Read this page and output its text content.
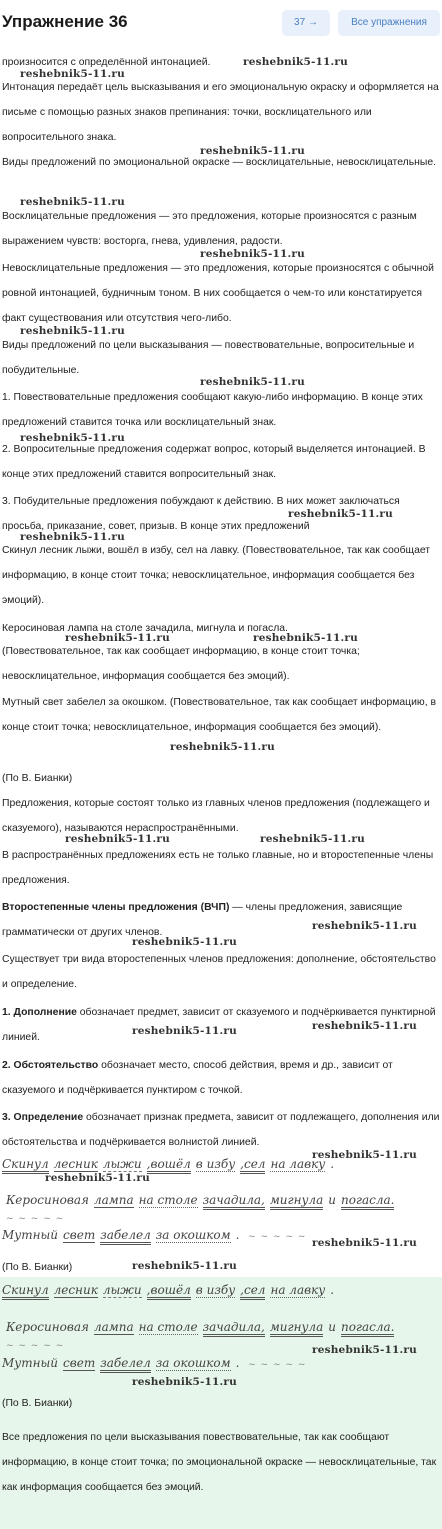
Упражнение 36	37 →	Все упражнения
произносится с определённой интонацией.
Интонация передаёт цель высказывания и его эмоциональную окраску и оформляется на письме с помощью разных знаков препинания: точки, восклицательного или вопросительного знака.
Виды предложений по эмоциональной окраске — восклицательные, невосклицательные.
Восклицательные предложения — это предложения, которые произносятся с разным выражением чувств: восторга, гнева, удивления, радости.
Невосклицательные предложения — это предложения, которые произносятся с обычной ровной интонацией, будничным тоном. В них сообщается о чем-то или констатируется факт существования или отсутствия чего-либо.
Виды предложений по цели высказывания — повествовательные, вопросительные и побудительные.
1. Повествовательные предложения сообщают какую-либо информацию. В конце этих предложений ставится точка или восклицательный знак.
2. Вопросительные предложения содержат вопрос, который выделяется интонацией. В конце этих предложений ставится вопросительный знак.
3. Побудительные предложения побуждают к действию. В них может заключаться просьба, приказание, совет, призыв. В конце этих предложений
Скинул лесник лыжи, вошёл в избу, сел на лавку. (Повествовательное, так как сообщает информацию, в конце стоит точка; невосклицательное, информация сообщается без эмоций).
Керосиновая лампа на столе зачадила, мигнула и погасла.
(Повествовательное, так как сообщает информацию, в конце стоит точка; невосклицательное, информация сообщается без эмоций).
Мутный свет забелел за окошком. (Повествовательное, так как сообщает информацию, в конце стоит точка; невосклицательное, информация сообщается без эмоций).
(По В. Бианки)
Предложения, которые состоят только из главных членов предложения (подлежащего и сказуемого), называются нераспространёнными.
В распространённых предложениях есть не только главные, но и второстепенные члены предложения.
Второстепенные члены предложения (ВЧП) — члены предложения, зависящие грамматически от других членов.
Существует три вида второстепенных членов предложения: дополнение, обстоятельство и определение.
1. Дополнение обозначает предмет, зависит от сказуемого и подчёркивается пунктирной линией.
2. Обстоятельство обозначает место, способ действия, время и др., зависит от сказуемого и подчёркивается пунктиром с точкой.
3. Определение обозначает признак предмета, зависит от подлежащего, дополнения или обстоятельства и подчёркивается волнистой линией.
Скинул лесник лыжи ,вошёл в избу ,сел на лавку .
Керосиновая лампа на столе зачадила, мигнула и погасла. ~ ~ ~ ~ ~
Мутный свет забелел за окошком . ~ ~ ~ ~ ~
(По В. Бианки)
Скинул лесник лыжи ,вошёл в избу ,сел на лавку .
Керосиновая лампа на столе зачадила, мигнула и погасла. ~ ~ ~ ~ ~
Мутный свет забелел за окошком . ~ ~ ~ ~ ~
(По В. Бианки)
Все предложения по цели высказывания повествовательные, так как сообщают информацию, в конце стоит точка; по эмоциональной окраске — невосклицательные, так как информация сообщается без эмоций.
reshebnik5-11.ru
reshebnik5-11.ru
reshebnik5-11.ru
reshebnik5-11.ru
reshebnik5-11.ru
reshebnik5-11.ru
reshebnik5-11.ru
reshebnik5-11.ru
reshebnik5-11.ru
reshebnik5-11.ru
reshebnik5-11.ru	reshebnik5-11.ru
reshebnik5-11.ru
reshebnik5-11.ru	reshebnik5-11.ru
reshebnik5-11.ru
reshebnik5-11.ru
reshebnik5-11.ru
reshebnik5-11.ru
reshebnik5-11.ru
reshebnik5-11.ru
reshebnik5-11.ru
reshebnik5-11.ru
reshebnik5-11.ru
reshebnik5-11.ru
